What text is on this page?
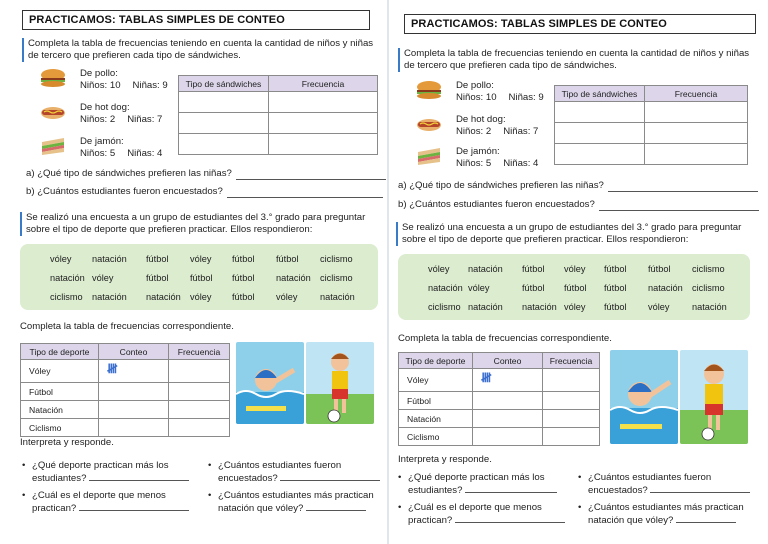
PRACTICAMOS: TABLAS SIMPLES DE CONTEO
Completa la tabla de frecuencias teniendo en cuenta la cantidad de niños y niñas
de tercero que prefieren cada tipo de sándwiches.
De pollo:
Niños: 10 Niñas: 9
De hot dog:
Niños: 2 Niñas: 7
De jamón:
Niños: 5 Niñas: 4
Tipo de sándwiches	Frecuencia

a) ¿Qué tipo de sándwiches prefieren las niñas?
b) ¿Cuántos estudiantes fueron encuestados?
Se realizó una encuesta a un grupo de estudiantes del 3.° grado para preguntar
sobre el tipo de deporte que prefieren practicar. Ellos respondieron:
vóley natación fútbol vóley fútbol fútbol ciclismo
natación vóley	fútbol fútbol fútbol natación ciclismo
ciclismo natación natación vóley fútbol vóley natación
Completa la tabla de frecuencias correspondiente.
Tipo de deporte	Conteo	Frecuencia
Vóley	𝍸	
Fútbol		
Natación		
Ciclismo		
Interpreta y responde.
• ¿Qué deporte practican más los
estudiantes?
• ¿Cuántos estudiantes fueron
encuestados?
• ¿Cuál es el deporte que menos
practican?
• ¿Cuántos estudiantes más practican
natación que vóley?
PRACTICAMOS: TABLAS SIMPLES DE CONTEO
Completa la tabla de frecuencias teniendo en cuenta la cantidad de niños y niñas
de tercero que prefieren cada tipo de sándwiches.
De pollo:
Niños: 10 Niñas: 9
De hot dog:
Niños: 2 Niñas: 7
De jamón:
Niños: 5 Niñas: 4
Tipo de sándwiches	Frecuencia

a) ¿Qué tipo de sándwiches prefieren las niñas?
b) ¿Cuántos estudiantes fueron encuestados?
Se realizó una encuesta a un grupo de estudiantes del 3.° grado para preguntar
sobre el tipo de deporte que prefieren practicar. Ellos respondieron:
vóley natación fútbol vóley fútbol fútbol ciclismo
natación vóley	fútbol fútbol fútbol natación ciclismo
ciclismo natación natación vóley fútbol vóley natación
Completa la tabla de frecuencias correspondiente.
Tipo de deporte	Conteo	Frecuencia
Vóley	𝍸	
Fútbol		
Natación		
Ciclismo		
Interpreta y responde.
• ¿Qué deporte practican más los
estudiantes?
• ¿Cuántos estudiantes fueron
encuestados?
• ¿Cuál es el deporte que menos
practican?
• ¿Cuántos estudiantes más practican
natación que vóley?
